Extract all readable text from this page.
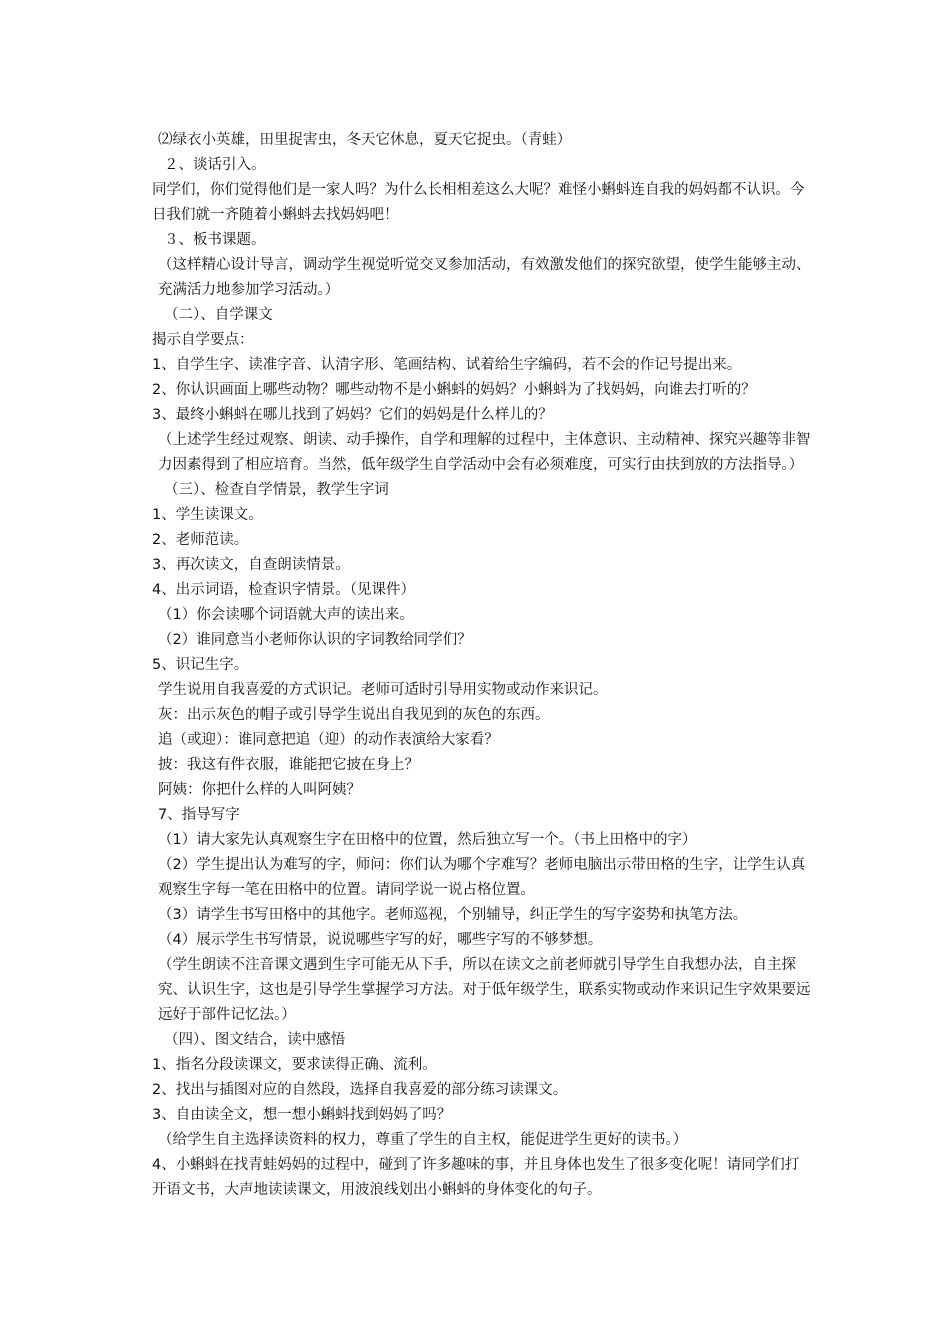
⑵绿衣小英雄，田里捉害虫，冬天它休息，夏天它捉虫。（青蛙）
２、谈话引入。
同学们，你们觉得他们是一家人吗？为什么长相相差这么大呢？难怪小蝌蚪连自我的妈妈都不认识。今日我们就一齐随着小蝌蚪去找妈妈吧！
３、板书课题。
（这样精心设计导言，调动学生视觉听觉交叉参加活动，有效激发他们的探究欲望，使学生能够主动、充满活力地参加学习活动。）
（二）、自学课文
揭示自学要点：
1、自学生字、读准字音、认清字形、笔画结构、试着给生字编码，若不会的作记号提出来。
2、你认识画面上哪些动物？哪些动物不是小蝌蚪的妈妈？小蝌蚪为了找妈妈，向谁去打听的？
3、最终小蝌蚪在哪儿找到了妈妈？它们的妈妈是什么样儿的？
（上述学生经过观察、朗读、动手操作，自学和理解的过程中，主体意识、主动精神、探究兴趣等非智力因素得到了相应培育。当然，低年级学生自学活动中会有必须难度，可实行由扶到放的方法指导。）
（三）、检查自学情景，教学生字词
1、学生读课文。
2、老师范读。
3、再次读文，自查朗读情景。
4、出示词语，检查识字情景。（见课件）
（1）你会读哪个词语就大声的读出来。
（2）谁同意当小老师你认识的字词教给同学们？
5、识记生字。
学生说用自我喜爱的方式识记。老师可适时引导用实物或动作来识记。
灰：出示灰色的帽子或引导学生说出自我见到的灰色的东西。
追（或迎）：谁同意把追（迎）的动作表演给大家看？
披：我这有件衣服，谁能把它披在身上？
阿姨：你把什么样的人叫阿姨？
7、指导写字
（1）请大家先认真观察生字在田格中的位置，然后独立写一个。（书上田格中的字）
（2）学生提出认为难写的字，师问：你们认为哪个字难写？老师电脑出示带田格的生字，让学生认真观察生字每一笔在田格中的位置。请同学说一说占格位置。
（3）请学生书写田格中的其他字。老师巡视，个别辅导，纠正学生的写字姿势和执笔方法。
（4）展示学生书写情景，说说哪些字写的好，哪些字写的不够梦想。
（学生朗读不注音课文遇到生字可能无从下手，所以在读文之前老师就引导学生自我想办法，自主探究、认识生字，这也是引导学生掌握学习方法。对于低年级学生，联系实物或动作来识记生字效果要远远好于部件记忆法。）
（四）、图文结合，读中感悟
1、指名分段读课文，要求读得正确、流利。
2、找出与插图对应的自然段，选择自我喜爱的部分练习读课文。
3、自由读全文，想一想小蝌蚪找到妈妈了吗？
（给学生自主选择读资料的权力，尊重了学生的自主权，能促进学生更好的读书。）
4、小蝌蚪在找青蛙妈妈的过程中，碰到了许多趣味的事，并且身体也发生了很多变化呢！请同学们打开语文书，大声地读读课文，用波浪线划出小蝌蚪的身体变化的句子。
